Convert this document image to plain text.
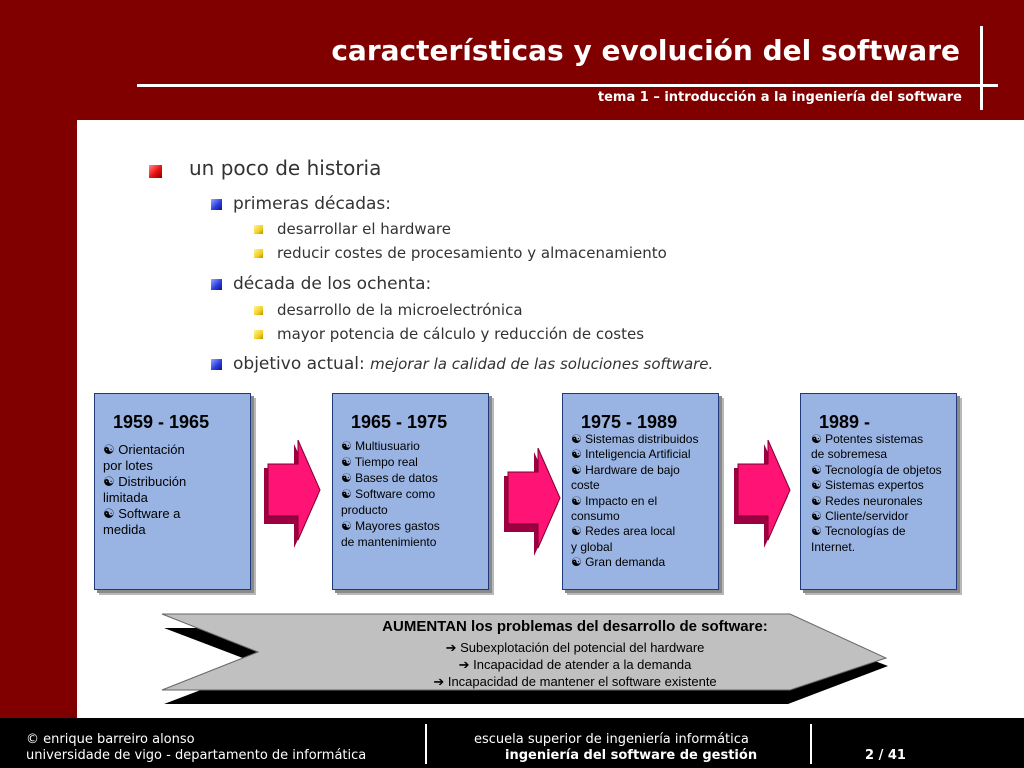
características y evolución del software
tema 1 – introducción a la ingeniería del software
un poco de historia
primeras décadas:
desarrollar el hardware
reducir costes de procesamiento y almacenamiento
década de los ochenta:
desarrollo de la microelectrónica
mayor potencia de cálculo y reducción de costes
objetivo actual: mejorar la calidad de las soluciones software.
1959 - 1965
☯ Orientación
por lotes
☯ Distribución
limitada
☯ Software a
medida
1965 - 1975
☯ Multiusuario
☯ Tiempo real
☯ Bases de datos
☯ Software como
producto
☯ Mayores gastos
de mantenimiento
1975 - 1989
☯ Sistemas distribuidos
☯ Inteligencia Artificial
☯ Hardware de bajo
coste
☯ Impacto en el
consumo
☯ Redes area local
y global
☯ Gran demanda
1989 -
☯ Potentes sistemas
de sobremesa
☯ Tecnología de objetos
☯ Sistemas expertos
☯ Redes neuronales
☯ Cliente/servidor
☯ Tecnologías de
Internet.
AUMENTAN los problemas del desarrollo de software:
➔ Subexplotación del potencial del hardware
➔ Incapacidad de atender a la demanda
➔ Incapacidad de mantener el software existente
© enrique barreiro alonso
universidade de vigo - departamento de informática
escuela superior de ingeniería informática
ingeniería del software de gestión	2 / 41
